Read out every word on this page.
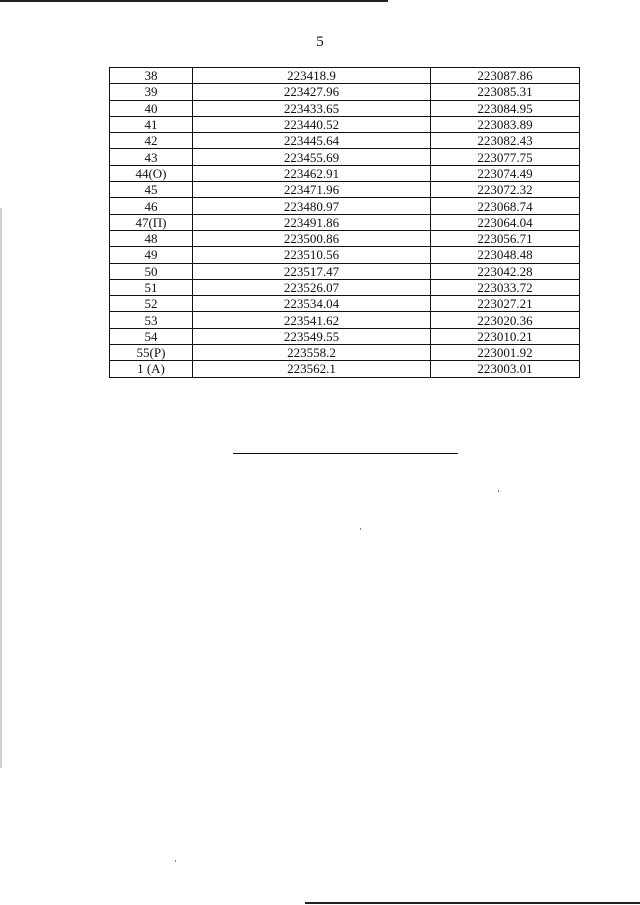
5
38	223418.9	223087.86
39	223427.96	223085.31
40	223433.65	223084.95
41	223440.52	223083.89
42	223445.64	223082.43
43	223455.69	223077.75
44(O)	223462.91	223074.49
45	223471.96	223072.32
46	223480.97	223068.74
47(П)	223491.86	223064.04
48	223500.86	223056.71
49	223510.56	223048.48
50	223517.47	223042.28
51	223526.07	223033.72
52	223534.04	223027.21
53	223541.62	223020.36
54	223549.55	223010.21
55(Р)	223558.2	223001.92
1 (А)	223562.1	223003.01
